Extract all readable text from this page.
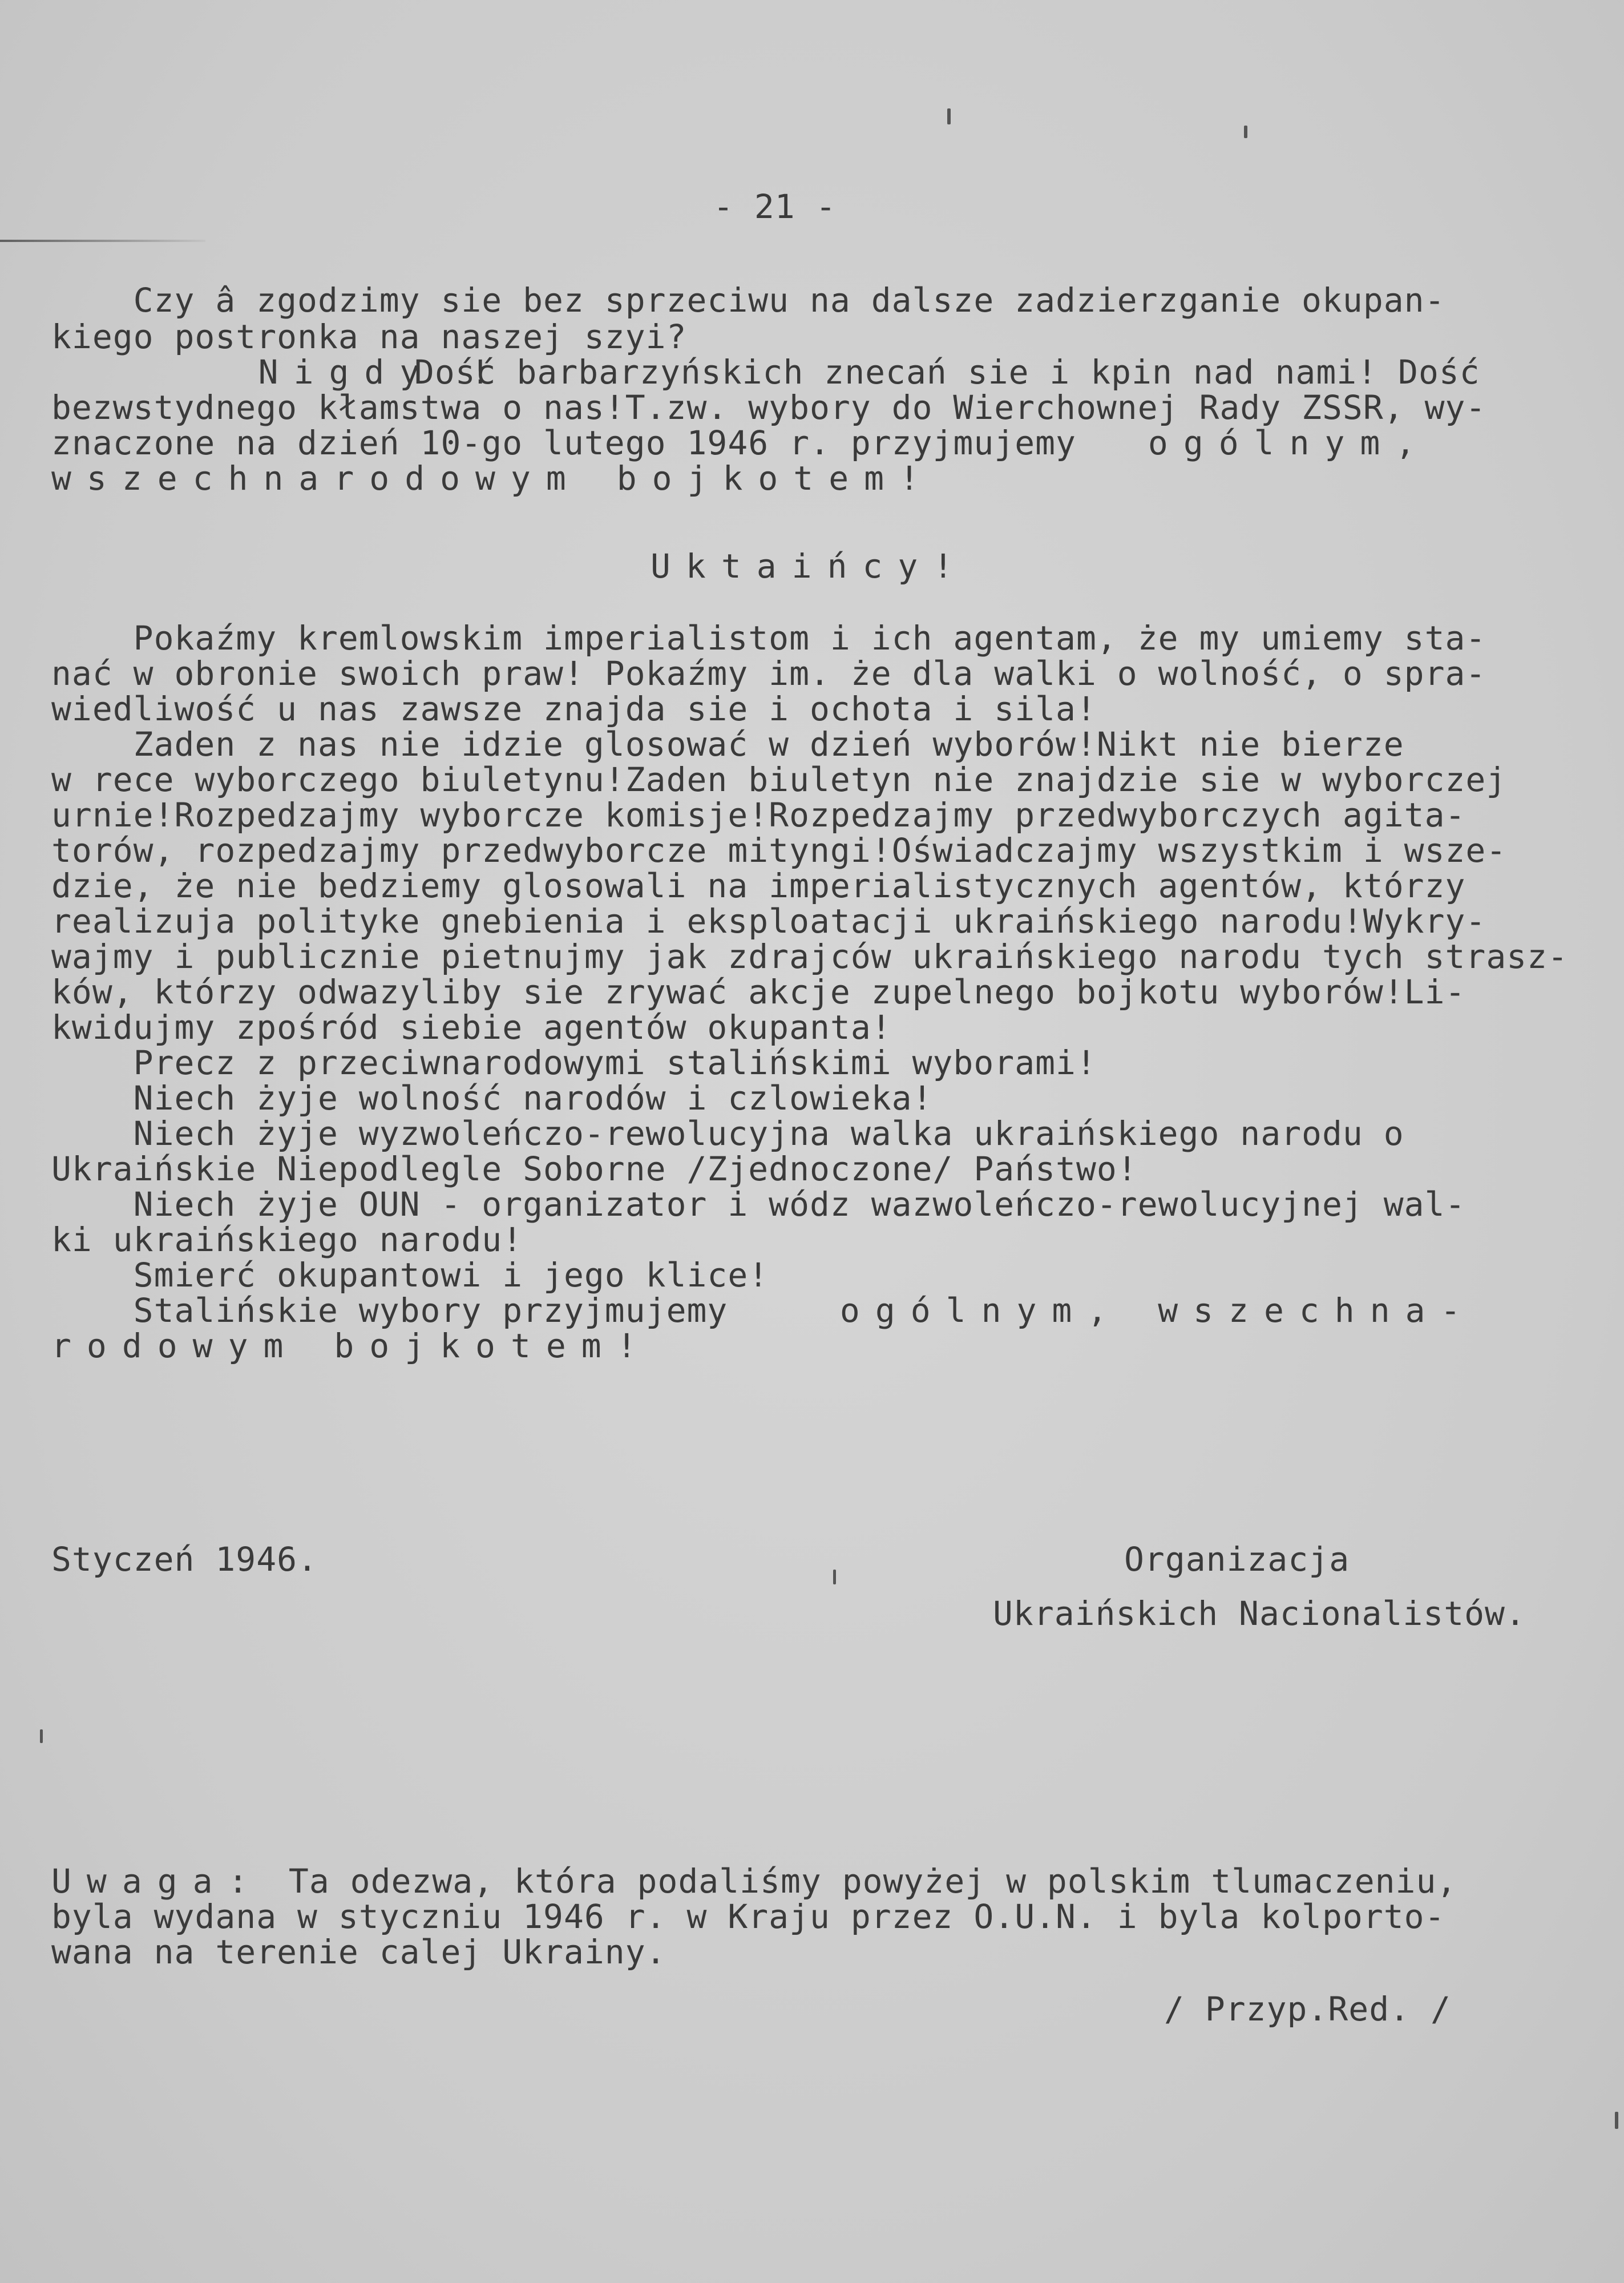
- 21 -
Czy â zgodzimy sie bez sprzeciwu na dalsze zadzierzganie okupan-
kiego postronka na naszej szyi?
Nigdy !
Dość barbarzyńskich znecań sie i kpin nad nami! Dość
bezwstydnego kłamstwa o nas!T.zw. wybory do Wierchownej Rady ZSSR, wy-
znaczone na dzień 10-go lutego 1946 r. przyjmujemy ogólnym,
wszechnarodowym bojkotem!
Uktaińcy!
Pokaźmy kremlowskim imperialistom i ich agentam, że my umiemy sta-
nać w obronie swoich praw! Pokaźmy im. że dla walki o wolność, o spra-
wiedliwość u nas zawsze znajda sie i ochota i sila!
Zaden z nas nie idzie glosować w dzień wyborów!Nikt nie bierze
w rece wyborczego biuletynu!Zaden biuletyn nie znajdzie sie w wyborczej
urnie!Rozpedzajmy wyborcze komisje!Rozpedzajmy przedwyborczych agita-
torów, rozpedzajmy przedwyborcze mityngi!Oświadczajmy wszystkim i wsze-
dzie, że nie bedziemy glosowali na imperialistycznych agentów, którzy
realizuja polityke gnebienia i eksploatacji ukraińskiego narodu!Wykry-
wajmy i publicznie pietnujmy jak zdrajców ukraińskiego narodu tych strasz-
ków, którzy odwazyliby sie zrywać akcje zupelnego bojkotu wyborów!Li-
kwidujmy zpośród siebie agentów okupanta!
Precz z przeciwnarodowymi stalińskimi wyborami!
Niech żyje wolność narodów i czlowieka!
Niech żyje wyzwoleńczo-rewolucyjna walka ukraińskiego narodu o
Ukraińskie Niepodlegle Soborne /Zjednoczone/ Państwo!
Niech żyje OUN - organizator i wódz wazwoleńczo-rewolucyjnej wal-
ki ukraińskiego narodu!
Smierć okupantowi i jego klice!
Stalińskie wybory przyjmujemy ogólnym, wszechna-
rodowym bojkotem!
Styczeń 1946.	Organizacja
Ukraińskich Nacionalistów.
Uwaga: Ta odezwa, która podaliśmy powyżej w polskim tlumaczeniu,
byla wydana w styczniu 1946 r. w Kraju przez O.U.N. i byla kolporto-
wana na terenie calej Ukrainy.
/ Przyp.Red. /
